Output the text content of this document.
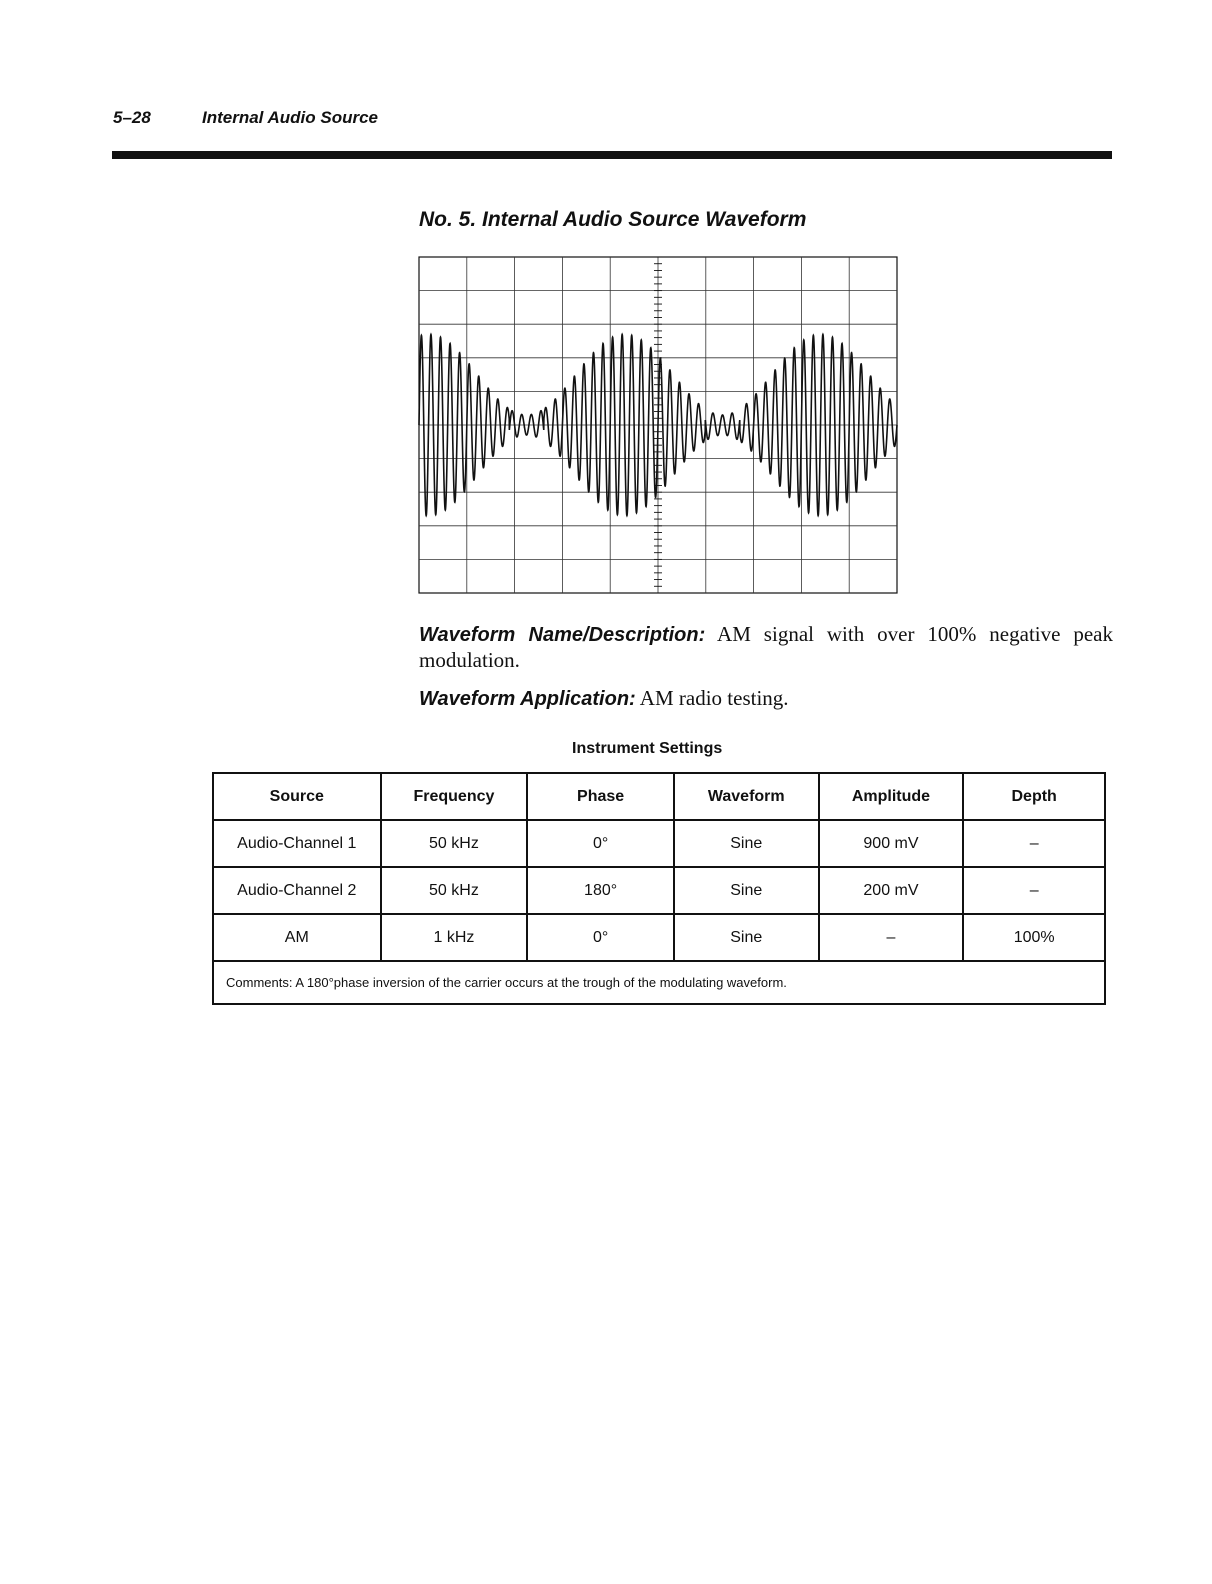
5–28	Internal Audio Source
No. 5. Internal Audio Source Waveform

Waveform Name/Description: AM signal with over 100% negative peak modulation.

Waveform Application: AM radio testing.

Instrument Settings
Source	Frequency	Phase	Waveform	Amplitude	Depth
Audio-Channel 1	50 kHz	0°	Sine	900 mV	–
Audio-Channel 2	50 kHz	180°	Sine	200 mV	–
AM	1 kHz	0°	Sine	–	100%
Comments: A 180°phase inversion of the carrier occurs at the trough of the modulating waveform.					
